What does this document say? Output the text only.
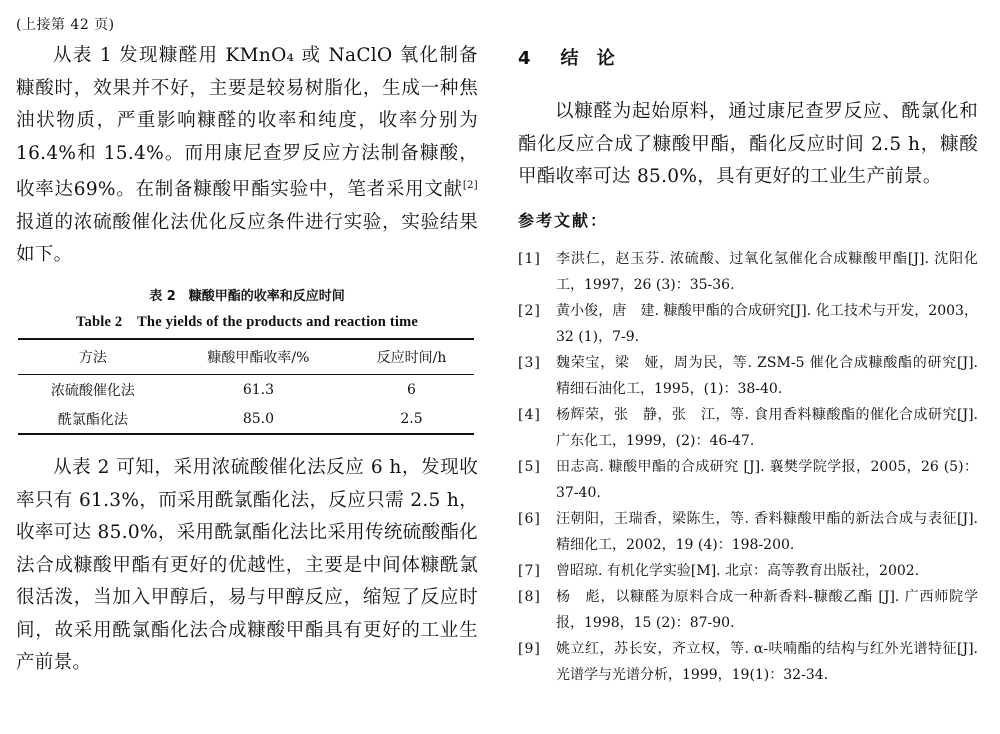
(上接第 42 页)

从表 1 发现糠醛用 KMnO₄ 或 NaClO 氧化制备糠酸时，效果并不好，主要是较易树脂化，生成一种焦油状物质，严重影响糠醛的收率和纯度，收率分别为16.4%和 15.4%。而用康尼查罗反应方法制备糠酸，收率达69%。在制备糠酸甲酯实验中，笔者采用文献[2]报道的浓硫酸催化法优化反应条件进行实验，实验结果如下。

表 2　糠酸甲酯的收率和反应时间
Table 2　The yields of the products and reaction time
方法	糠酸甲酯收率/%	反应时间/h
浓硫酸催化法	61.3	6
酰氯酯化法	85.0	2.5

从表 2 可知，采用浓硫酸催化法反应 6 h，发现收率只有 61.3%，而采用酰氯酯化法，反应只需 2.5 h，收率可达 85.0%，采用酰氯酯化法比采用传统硫酸酯化法合成糠酸甲酯有更好的优越性，主要是中间体糠酰氯很活泼，当加入甲醇后，易与甲醇反应，缩短了反应时间，故采用酰氯酯化法合成糠酸甲酯具有更好的工业生产前景。

4　结 论

以糠醛为起始原料，通过康尼查罗反应、酰氯化和酯化反应合成了糠酸甲酯，酯化反应时间 2.5 h，糠酸甲酯收率可达 85.0%，具有更好的工业生产前景。

参考文献：
[1]	李洪仁，赵玉芬. 浓硫酸、过氧化氢催化合成糠酸甲酯[J]. 沈阳化工，1997，26 (3)：35-36.
[2]	黄小俊，唐　建. 糠酸甲酯的合成研究[J]. 化工技术与开发，2003，32 (1)，7-9.
[3]	魏荣宝，梁　娅，周为民，等. ZSM-5 催化合成糠酸酯的研究[J]. 精细石油化工，1995，(1)：38-40.
[4]	杨辉荣，张　静，张　江，等. 食用香料糠酸酯的催化合成研究[J]. 广东化工，1999，(2)：46-47.
[5]	田志高. 糠酸甲酯的合成研究 [J]. 襄樊学院学报，2005，26 (5)：37-40.
[6]	汪朝阳，王瑞香，梁陈生，等. 香料糠酸甲酯的新法合成与表征[J]. 精细化工，2002，19 (4)：198-200.
[7]	曾昭琼. 有机化学实验[M]. 北京：高等教育出版社，2002.
[8]	杨　彪，以糠醛为原料合成一种新香料-糠酸乙酯 [J]. 广西师院学报，1998，15 (2)：87-90.
[9]	姚立红，苏长安，齐立权，等. α-呋喃酯的结构与红外光谱特征[J]. 光谱学与光谱分析，1999，19(1)：32-34.
